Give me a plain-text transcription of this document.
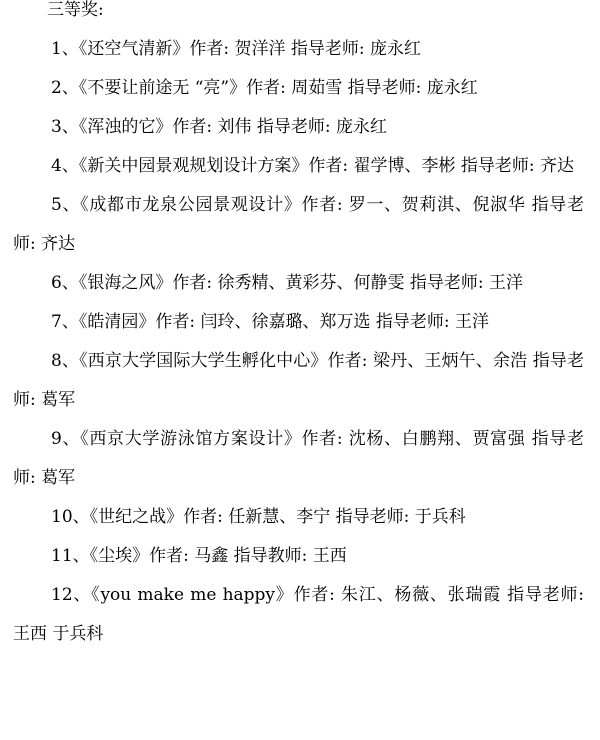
三等奖:

1、《还空气清新》作者: 贺洋洋 指导老师: 庞永红

2、《不要让前途无 “亮”》作者: 周茹雪 指导老师: 庞永红

3、《浑浊的它》作者: 刘伟 指导老师: 庞永红

4、《新关中园景观规划设计方案》作者: 翟学博、李彬 指导老师: 齐达

5、《成都市龙泉公园景观设计》作者: 罗一、贺莉淇、倪淑华 指导老师: 齐达

6、《银海之风》作者: 徐秀精、黄彩芬、何静雯 指导老师: 王洋

7、《皓清园》作者: 闫玲、徐嘉璐、郑万选 指导老师: 王洋

8、《西京大学国际大学生孵化中心》作者: 梁丹、王炳午、余浩 指导老师: 葛军

9、《西京大学游泳馆方案设计》作者: 沈杨、白鹏翔、贾富强 指导老师: 葛军

10、《世纪之战》作者: 任新慧、李宁 指导老师: 于兵科

11、《尘埃》作者: 马鑫 指导教师: 王西

12、《you make me happy》作者: 朱江、杨薇、张瑞霞 指导老师: 王西 于兵科
